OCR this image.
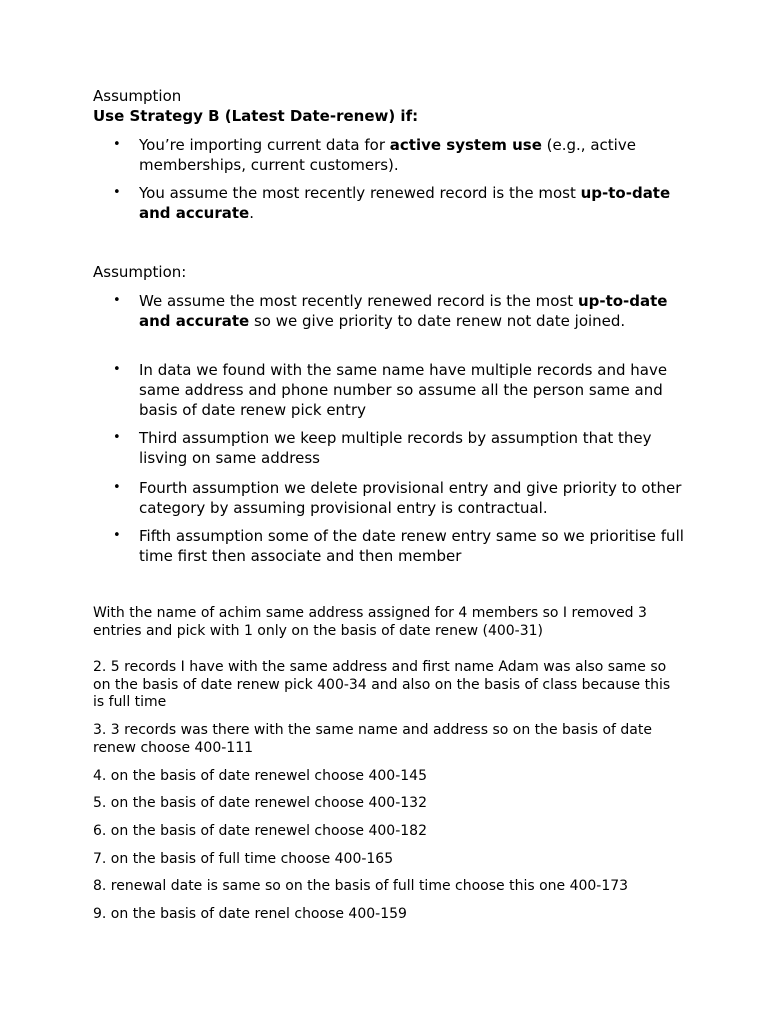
Assumption

Use Strategy B (Latest Date-renew) if:

• You’re importing current data for active system use (e.g., active memberships, current customers).
• You assume the most recently renewed record is the most up-to-date and accurate.

Assumption:

• We assume the most recently renewed record is the most up-to-date and accurate so we give priority to date renew not date joined.
• In data we found with the same name have multiple records and have same address and phone number so assume all the person same and basis of date renew pick entry
• Third assumption we keep multiple records by assumption that they lisving on same address
• Fourth assumption we delete provisional entry and give priority to other category by assuming provisional entry is contractual.
• Fifth assumption some of the date renew entry same so we prioritise full time first then associate and then member

With the name of achim same address assigned for 4 members so I removed 3 entries and pick with 1 only on the basis of date renew (400-31)

2. 5 records I have with the same address and first name Adam was also same so on the basis of date renew pick 400-34 and also on the basis of class because this is full time

3. 3 records was there with the same name and address so on the basis of date renew choose 400-111

4. on the basis of date renewel choose 400-145

5. on the basis of date renewel choose 400-132

6. on the basis of date renewel choose 400-182

7. on the basis of full time choose 400-165

8. renewal date is same so on the basis of full time choose this one 400-173

9. on the basis of date renel choose 400-159
